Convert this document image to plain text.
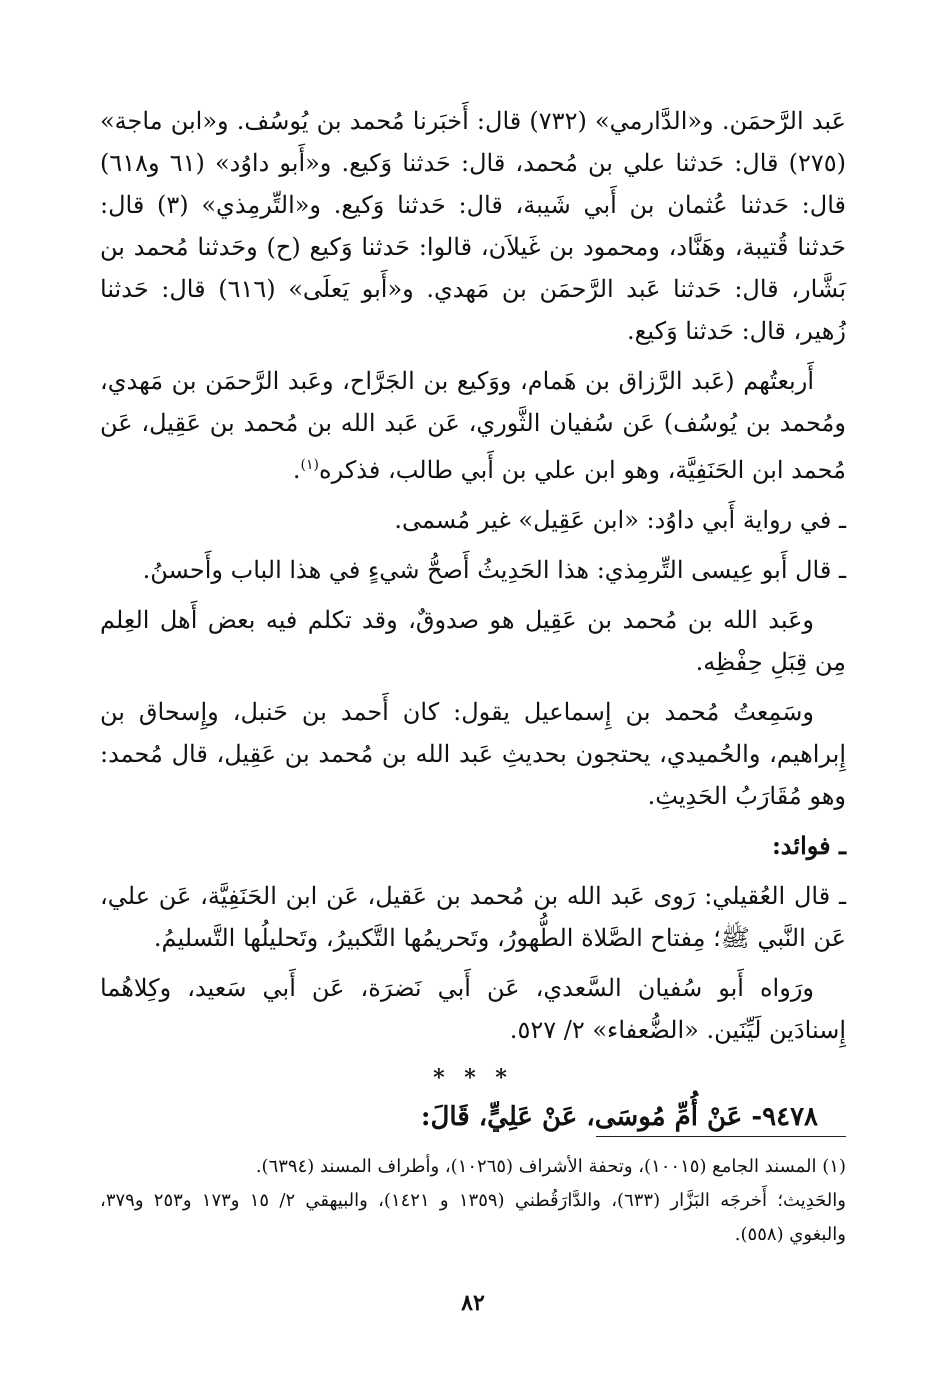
عَبد الرَّحمَن. و«الدَّارمي» (٧٣٢) قال: أَخبَرنا مُحمد بن يُوسُف. و«ابن ماجة» (٢٧٥) قال: حَدثنا علي بن مُحمد، قال: حَدثنا وَكيع. و«أَبو داوُد» (٦١ و٦١٨) قال: حَدثنا عُثمان بن أَبي شَيبة، قال: حَدثنا وَكيع. و«التِّرمِذي» (٣) قال: حَدثنا قُتيبة، وهَنَّاد، ومحمود بن غَيلاَن، قالوا: حَدثنا وَكيع (ح) وحَدثنا مُحمد بن بَشَّار، قال: حَدثنا عَبد الرَّحمَن بن مَهدي. و«أَبو يَعلَى» (٦١٦) قال: حَدثنا زُهير، قال: حَدثنا وَكيع.

أَربعتُهم (عَبد الرَّزاق بن هَمام، ووَكيع بن الجَرَّاح، وعَبد الرَّحمَن بن مَهدي، ومُحمد بن يُوسُف) عَن سُفيان الثَّوري، عَن عَبد الله بن مُحمد بن عَقِيل، عَن مُحمد ابن الحَنَفِيَّة، وهو ابن علي بن أَبي طالب، فذكره$^{(١)}$.

ـ في رواية أَبي داوُد: «ابن عَقِيل» غير مُسمى.

ـ قال أَبو عِيسى التِّرمِذي: هذا الحَدِيثُ أَصحُّ شيءٍ في هذا الباب وأَحسنُ.

وعَبد الله بن مُحمد بن عَقِيل هو صدوقٌ، وقد تكلم فيه بعض أَهل العِلم مِن قِبَلِ حِفْظِه.

وسَمِعتُ مُحمد بن إِسماعيل يقول: كان أَحمد بن حَنبل، وإِسحاق بن إِبراهيم، والحُميدي، يحتجون بحديثِ عَبد الله بن مُحمد بن عَقِيل، قال مُحمد: وهو مُقَارَبُ الحَدِيثِ.

ـ فوائد:

ـ قال العُقيلي: رَوى عَبد الله بن مُحمد بن عَقيل، عَن ابن الحَنَفِيَّة، عَن علي، عَن النَّبي ﷺ؛ مِفتاح الصَّلاة الطُّهورُ، وتَحريمُها التَّكبيرُ، وتَحليلُها التَّسليمُ.

ورَواه أَبو سُفيان السَّعدي، عَن أَبي نَضرَة، عَن أَبي سَعيد، وكِلاهُما إِسنادَين لَيِّنَين. «الضُّعفاء» ٢/ ٥٢٧.

* * *

٩٤٧٨- عَنْ أُمِّ مُوسَى، عَنْ عَلِيٍّ، قَالَ:

(١) المسند الجامع (١٠٠١٥)، وتحفة الأشراف (١٠٢٦٥)، وأطراف المسند (٦٣٩٤).

والحَدِيث؛ أَخرجَه البَزَّار (٦٣٣)، والدَّارَقُطني (١٣٥٩ و ١٤٢١)، والبيهقي ٢/ ١٥ و١٧٣ و٢٥٣ و٣٧٩، والبغوي (٥٥٨).

٨٢
